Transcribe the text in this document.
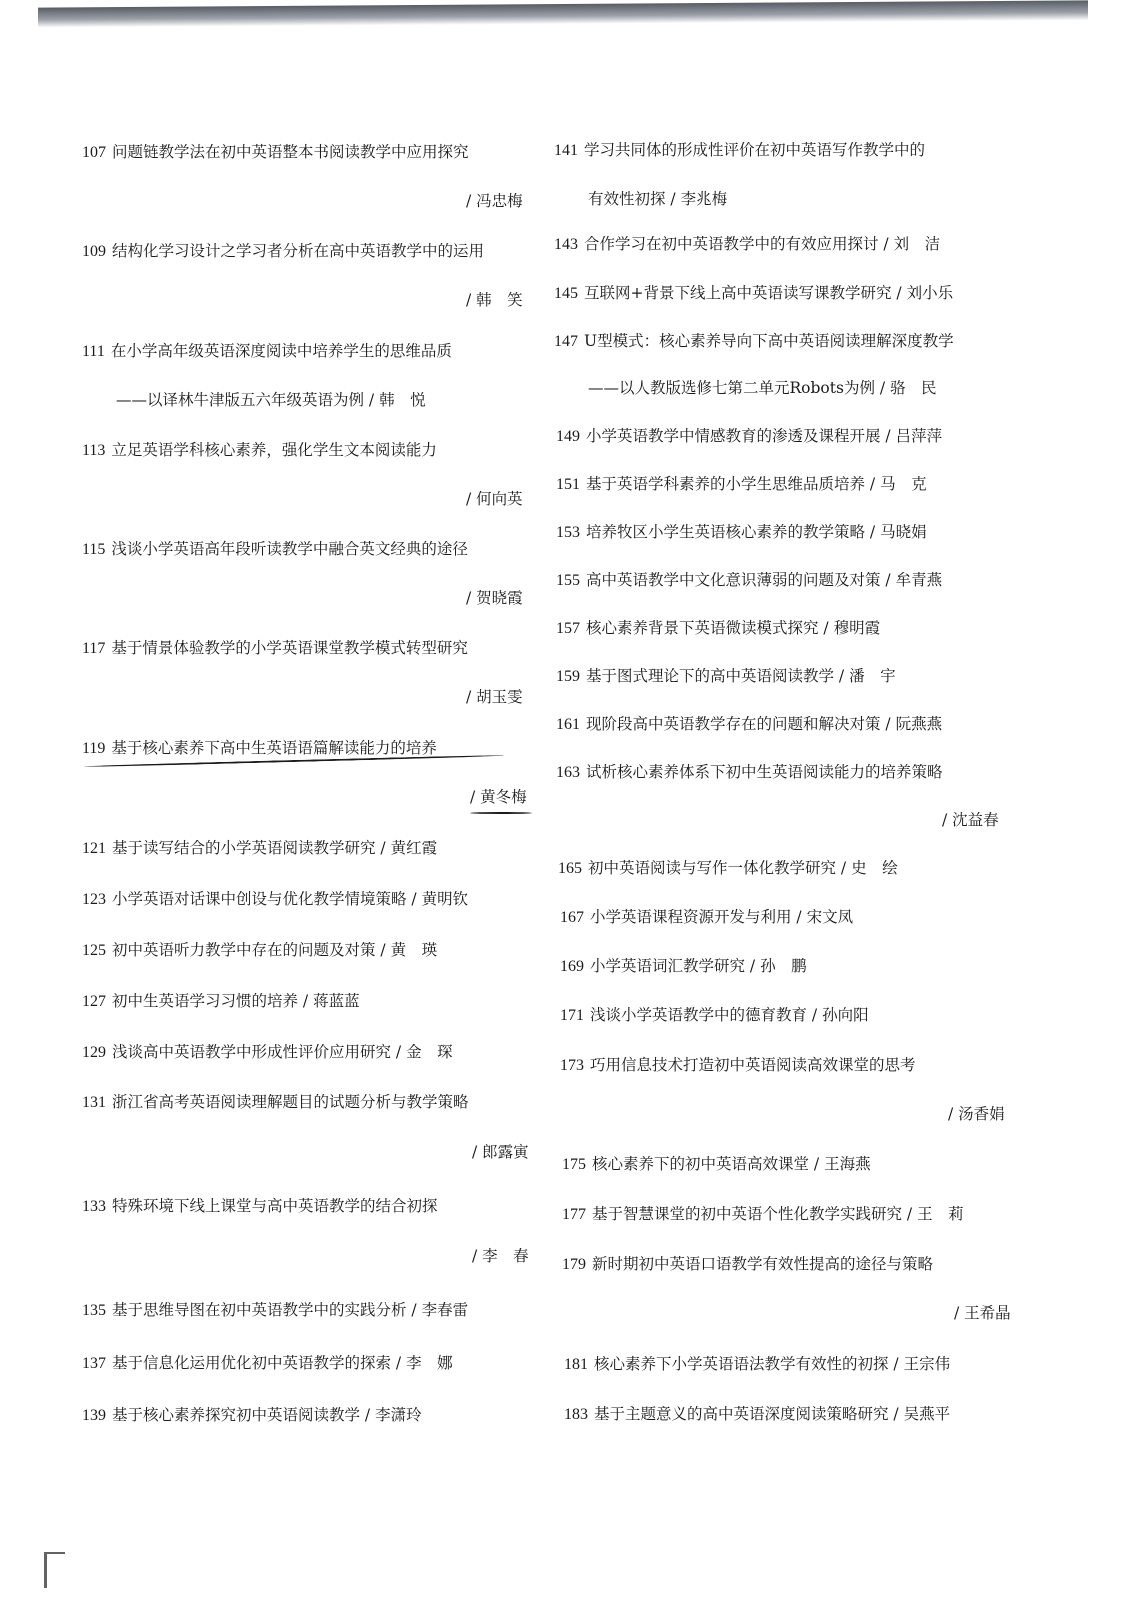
107 问题链教学法在初中英语整本书阅读教学中应用探究
/ 冯忠梅
109 结构化学习设计之学习者分析在高中英语教学中的运用
/ 韩　笑
111 在小学高年级英语深度阅读中培养学生的思维品质
——以译林牛津版五六年级英语为例 / 韩　悦
113 立足英语学科核心素养，强化学生文本阅读能力
/ 何向英
115 浅谈小学英语高年段听读教学中融合英文经典的途径
/ 贺晓霞
117 基于情景体验教学的小学英语课堂教学模式转型研究
/ 胡玉雯
119 基于核心素养下高中生英语语篇解读能力的培养
/ 黄冬梅
121 基于读写结合的小学英语阅读教学研究 / 黄红霞
123 小学英语对话课中创设与优化教学情境策略 / 黄明钦
125 初中英语听力教学中存在的问题及对策 / 黄　瑛
127 初中生英语学习习惯的培养 / 蒋蓝蓝
129 浅谈高中英语教学中形成性评价应用研究 / 金　琛
131 浙江省高考英语阅读理解题目的试题分析与教学策略
/ 郎露寅
133 特殊环境下线上课堂与高中英语教学的结合初探
/ 李　春
135 基于思维导图在初中英语教学中的实践分析 / 李春雷
137 基于信息化运用优化初中英语教学的探索 / 李　娜
139 基于核心素养探究初中英语阅读教学 / 李潇玲
141 学习共同体的形成性评价在初中英语写作教学中的
有效性初探 / 李兆梅
143 合作学习在初中英语教学中的有效应用探讨 / 刘　洁
145 互联网+背景下线上高中英语读写课教学研究 / 刘小乐
147 U型模式：核心素养导向下高中英语阅读理解深度教学
——以人教版选修七第二单元Robots为例 / 骆　民
149 小学英语教学中情感教育的渗透及课程开展 / 吕萍萍
151 基于英语学科素养的小学生思维品质培养 / 马　克
153 培养牧区小学生英语核心素养的教学策略 / 马晓娟
155 高中英语教学中文化意识薄弱的问题及对策 / 牟青燕
157 核心素养背景下英语微读模式探究 / 穆明霞
159 基于图式理论下的高中英语阅读教学 / 潘　宇
161 现阶段高中英语教学存在的问题和解决对策 / 阮燕燕
163 试析核心素养体系下初中生英语阅读能力的培养策略
/ 沈益春
165 初中英语阅读与写作一体化教学研究 / 史　绘
167 小学英语课程资源开发与利用 / 宋文凤
169 小学英语词汇教学研究 / 孙　鹏
171 浅谈小学英语教学中的德育教育 / 孙向阳
173 巧用信息技术打造初中英语阅读高效课堂的思考
/ 汤香娟
175 核心素养下的初中英语高效课堂 / 王海燕
177 基于智慧课堂的初中英语个性化教学实践研究 / 王　莉
179 新时期初中英语口语教学有效性提高的途径与策略
/ 王希晶
181 核心素养下小学英语语法教学有效性的初探 / 王宗伟
183 基于主题意义的高中英语深度阅读策略研究 / 吴燕平
